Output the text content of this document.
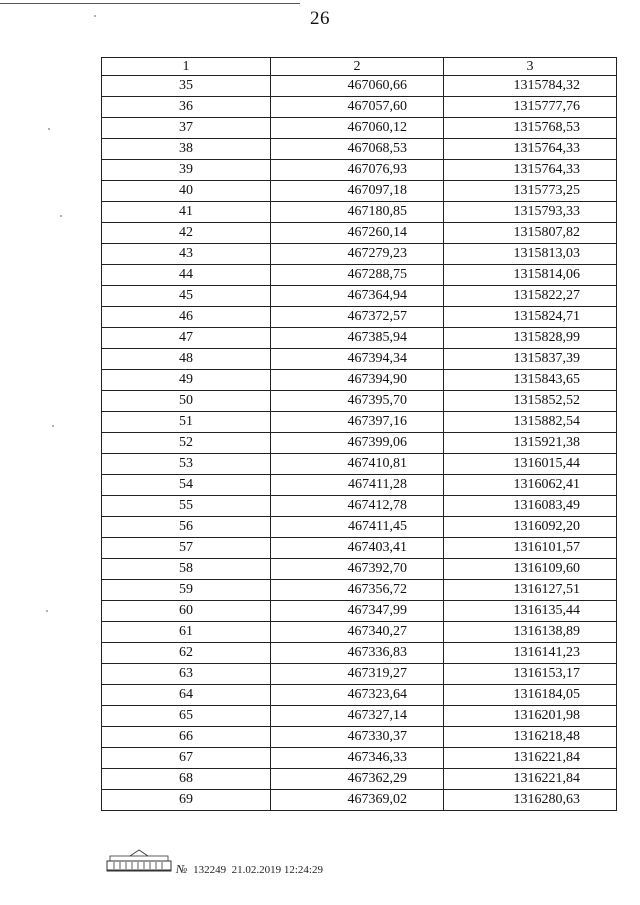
26
1	2	3
35	467060,66	1315784,32
36	467057,60	1315777,76
37	467060,12	1315768,53
38	467068,53	1315764,33
39	467076,93	1315764,33
40	467097,18	1315773,25
41	467180,85	1315793,33
42	467260,14	1315807,82
43	467279,23	1315813,03
44	467288,75	1315814,06
45	467364,94	1315822,27
46	467372,57	1315824,71
47	467385,94	1315828,99
48	467394,34	1315837,39
49	467394,90	1315843,65
50	467395,70	1315852,52
51	467397,16	1315882,54
52	467399,06	1315921,38
53	467410,81	1316015,44
54	467411,28	1316062,41
55	467412,78	1316083,49
56	467411,45	1316092,20
57	467403,41	1316101,57
58	467392,70	1316109,60
59	467356,72	1316127,51
60	467347,99	1316135,44
61	467340,27	1316138,89
62	467336,83	1316141,23
63	467319,27	1316153,17
64	467323,64	1316184,05
65	467327,14	1316201,98
66	467330,37	1316218,48
67	467346,33	1316221,84
68	467362,29	1316221,84
69	467369,02	1316280,63
№ 132249 21.02.2019 12:24:29
